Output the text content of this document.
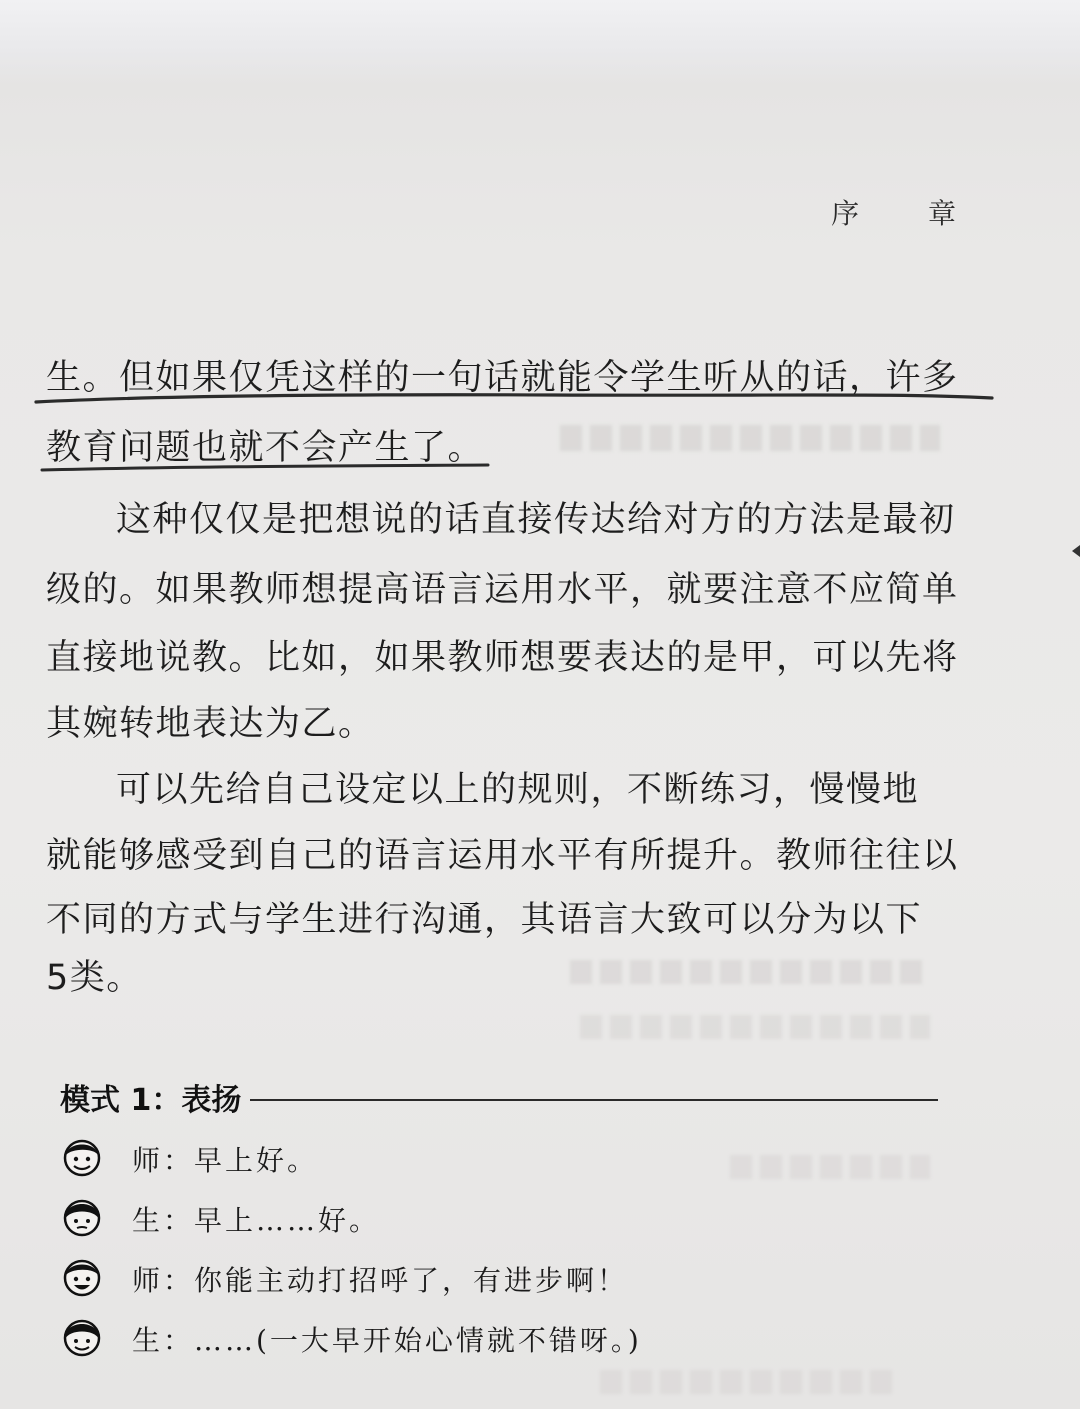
序 章
生。但如果仅凭这样的一句话就能令学生听从的话，许多
教育问题也就不会产生了。
这种仅仅是把想说的话直接传达给对方的方法是最初
级的。如果教师想提高语言运用水平，就要注意不应简单
直接地说教。比如，如果教师想要表达的是甲，可以先将
其婉转地表达为乙。
可以先给自己设定以上的规则，不断练习，慢慢地
就能够感受到自己的语言运用水平有所提升。教师往往以
不同的方式与学生进行沟通，其语言大致可以分为以下
5类。
模式 1：表扬
师：早上好。
生：早上……好。
师：你能主动打招呼了，有进步啊！
生：……(一大早开始心情就不错呀。)
